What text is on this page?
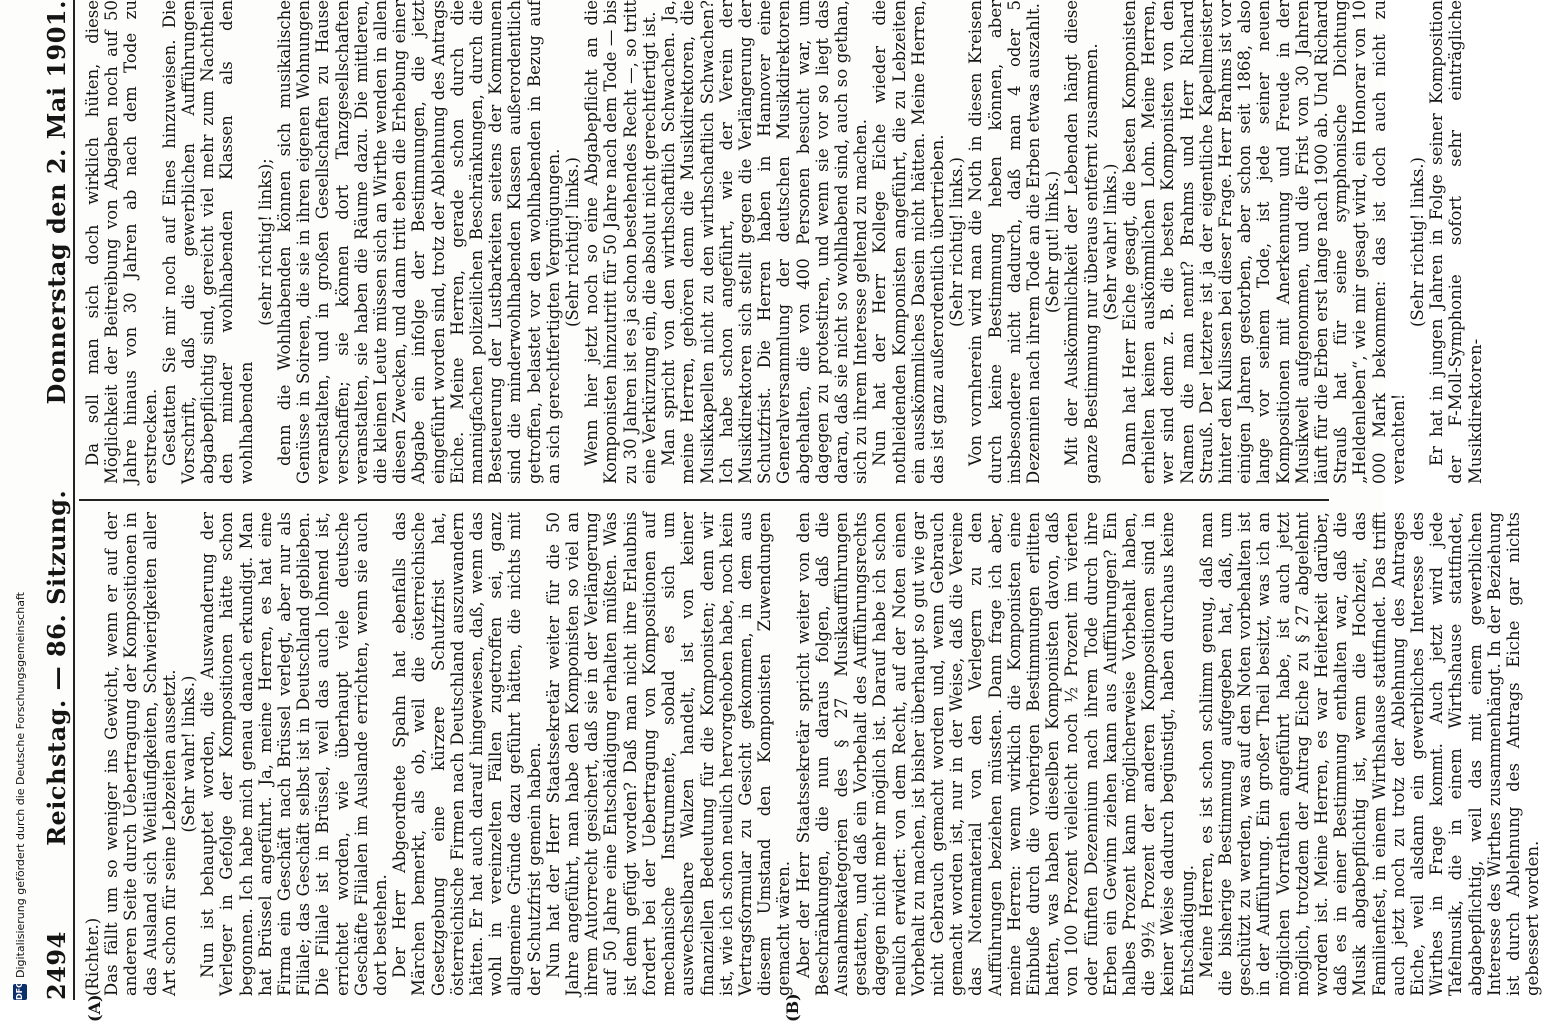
2494
Reichstag. — 86. Sitzung.
Donnerstag den 2. Mai 1901.
(A)	(B)

(Richter.) Das fällt um so weniger ins Gewicht, wenn er auf der anderen Seite durch Uebertragung der Kompositionen in das Ausland sich Weitläufigkeiten, Schwierigkeiten aller Art schon für seine Lebzeiten aussetzt. (Sehr wahr! links.) Nun ist behauptet worden, die Auswanderung der Verleger in Gefolge der Kompositionen hätte schon begonnen. Ich habe mich genau danach erkundigt. Man hat Brüssel angeführt. Ja, meine Herren, es hat eine Firma ein Geschäft nach Brüssel verlegt, aber nur als Filiale; das Geschäft selbst ist in Deutschland geblieben. Die Filiale ist in Brüssel, weil das auch lohnend ist, errichtet worden, wie überhaupt viele deutsche Geschäfte Filialen im Auslande errichten, wenn sie auch dort bestehen. Der Herr Abgeordnete Spahn hat ebenfalls das Märchen bemerkt, als ob, weil die österreichische Gesetzgebung eine kürzere Schutzfrist hat, österreichische Firmen nach Deutschland auszuwandern hätten. Er hat auch darauf hingewiesen, daß, wenn das wohl in vereinzelten Fällen zugetroffen sei, ganz allgemeine Gründe dazu geführt hätten, die nichts mit der Schutzfrist gemein haben. Nun hat der Herr Staatssekretär weiter für die 50 Jahre angeführt, man habe den Komponisten so viel an ihrem Autorrecht gesichert, daß sie in der Verlängerung auf 50 Jahre eine Entschädigung erhalten müßten. Was ist denn gefügt worden? Daß man nicht ihre Erlaubnis fordert bei der Uebertragung von Kompositionen auf mechanische Instrumente, sobald es sich um auswechselbare Walzen handelt, ist von keiner finanziellen Bedeutung für die Komponisten; denn wir ist, wie ich schon neulich hervorgehoben habe, noch kein Vertragsformular zu Gesicht gekommen, in dem aus diesem Umstand den Komponisten Zuwendungen gemacht wären. Aber der Herr Staatssekretär spricht weiter von den Beschränkungen, die nun daraus folgen, daß die Ausnahmekategorien des § 27 Musikaufführungen gestatten, und daß ein Vorbehalt des Aufführungsrechts dagegen nicht mehr möglich ist. Darauf habe ich schon neulich erwidert: von dem Recht, auf der Noten einen Vorbehalt zu machen, ist bisher überhaupt so gut wie gar nicht Gebrauch gemacht worden und, wenn Gebrauch gemacht worden ist, nur in der Weise, daß die Vereine das Notenmaterial von den Verlegern zu den Aufführungen beziehen müssten. Dann frage ich aber, meine Herren: wenn wirklich die Komponisten eine Einbuße durch die vorherigen Bestimmungen erlitten hatten, was haben dieselben Komponisten davon, daß von 100 Prozent vielleicht noch ½ Prozent im vierten oder fünften Dezennium nach ihrem Tode durch ihre Erben ein Gewinn ziehen kann aus Aufführungen? Ein halbes Prozent kann möglicherweise Vorbehalt haben, die 99½ Prozent der anderen Kompositionen sind in keiner Weise dadurch begünstigt, haben durchaus keine Entschädigung. Meine Herren, es ist schon schlimm genug, daß man die bisherige Bestimmung aufgegeben hat, daß, um geschützt zu werden, was auf den Noten vorbehalten ist in der Aufführung. Ein großer Theil besitzt, was ich an möglichen Vorrathen angeführt habe, ist auch jetzt möglich, trotzdem der Antrag Eiche zu § 27 abgelehnt worden ist. Meine Herren, es war Heiterkeit darüber, daß es in einer Bestimmung enthalten war, daß die Musik abgabepflichtig ist, wenn die Hochzeit, das Familienfest, in einem Wirthshause stattfindet. Das trifft auch jetzt noch zu trotz der Ablehnung des Antrages Eiche, weil alsdann ein gewerbliches Interesse des Wirthes in Frage kommt. Auch jetzt wird jede Tafelmusik, die in einem Wirthshause stattfindet, abgabepflichtig, weil das mit einem gewerblichen Interesse des Wirthes zusammenhängt. In der Beziehung ist durch Ablehnung des Antrags Eiche gar nichts gebessert worden.

Da soll man sich doch wirklich hüten, diese Möglichkeit der Beitreibung von Abgaben noch auf 50 Jahre hinaus von 30 Jahren ab nach dem Tode zu erstrecken. Gestatten Sie mir noch auf Eines hinzuweisen. Die Vorschrift, daß die gewerblichen Aufführungen abgabepflichtig sind, gereicht viel mehr zum Nachtheil den minder wohlhabenden Klassen als den wohlhabenden

(sehr richtig! links); denn die Wohlhabenden können sich musikalische Genüsse in Soireen, die sie in ihren eigenen Wohnungen veranstalten, und in großen Gesellschaften zu Hause verschaffen; sie können dort Tanzgesellschaften veranstalten, sie haben die Räume dazu. Die mittleren, die kleinen Leute müssen sich an Wirthe wenden in allen diesen Zwecken, und dann tritt eben die Erhebung einer Abgabe ein infolge der Bestimmungen, die jetzt eingeführt worden sind, trotz der Ablehnung des Antrags Eiche. Meine Herren, gerade schon durch die mannigfachen polizeilichen Beschränkungen, durch die Besteuerung der Lustbarkeiten seitens der Kommunen sind die minderwohlhabenden Klassen außerordentlich getroffen, belastet vor den wohlhabenden in Bezug auf an sich gerechtfertigten Vergnügungen. (Sehr richtig! links.) Wenn hier jetzt noch so eine Abgabepflicht an die Komponisten hinzutritt für 50 Jahre nach dem Tode — bis zu 30 Jahren ist es ja schon bestehendes Recht —, so tritt eine Verkürzung ein, die absolut nicht gerechtfertigt ist. Man spricht von den wirthschaftlich Schwachen. Ja, meine Herren, gehören denn die Musikdirektoren, die Musikkapellen nicht zu den wirthschaftlich Schwachen? Ich habe schon angeführt, wie der Verein der Musikdirektoren sich stellt gegen die Verlängerung der Schutzfrist. Die Herren haben in Hannover eine Generalversammlung der deutschen Musikdirektoren abgehalten, die von 400 Personen besucht war, um dagegen zu protestiren, und wenn sie vor so liegt das daran, daß sie nicht so wohlhabend sind, auch so gethan, sich zu ihrem Interesse geltend zu machen. Nun hat der Herr Kollege Eiche wieder die nothleidenden Komponisten angeführt, die zu Lebzeiten ein ausskömmliches Dasein nicht hätten. Meine Herren, das ist ganz außerordentlich übertrieben. (Sehr richtig! links.) Von vornherein wird man die Noth in diesen Kreisen durch keine Bestimmung heben können, aber insbesondere nicht dadurch, daß man 4 oder 5 Dezennien nach ihrem Tode an die Erben etwas auszahlt. (Sehr gut! links.) Mit der Auskömmlichkeit der Lebenden hängt diese ganze Bestimmung nur überaus entfernt zusammen. (Sehr wahr! links.) Dann hat Herr Eiche gesagt, die besten Komponisten erhielten keinen auskömmlichen Lohn. Meine Herren, wer sind denn z. B. die besten Komponisten von den Namen die man nennt? Brahms und Herr Richard Strauß. Der letztere ist ja der eigentliche Kapellmeister hinter den Kulissen bei dieser Frage. Herr Brahms ist vor einigen Jahren gestorben, aber schon seit 1868, also lange vor seinem Tode, ist jede seiner neuen Kompositionen mit Anerkennung und Freude in der Musikwelt aufgenommen, und die Frist von 30 Jahren läuft für die Erben erst lange nach 1900 ab. Und Richard Strauß hat für seine symphonische Dichtung „Heldenleben“, wie mir gesagt wird, ein Honorar von 10 000 Mark bekommen: das ist doch auch nicht zu verachten!

(Sehr richtig! links.) Er hat in jungen Jahren in Folge seiner Komposition der F-Moll-Symphonie sofort sehr einträgliche Musikdirektoren-

DFG
Digitalisierung gefördert durch die Deutsche Forschungsgemeinschaft
